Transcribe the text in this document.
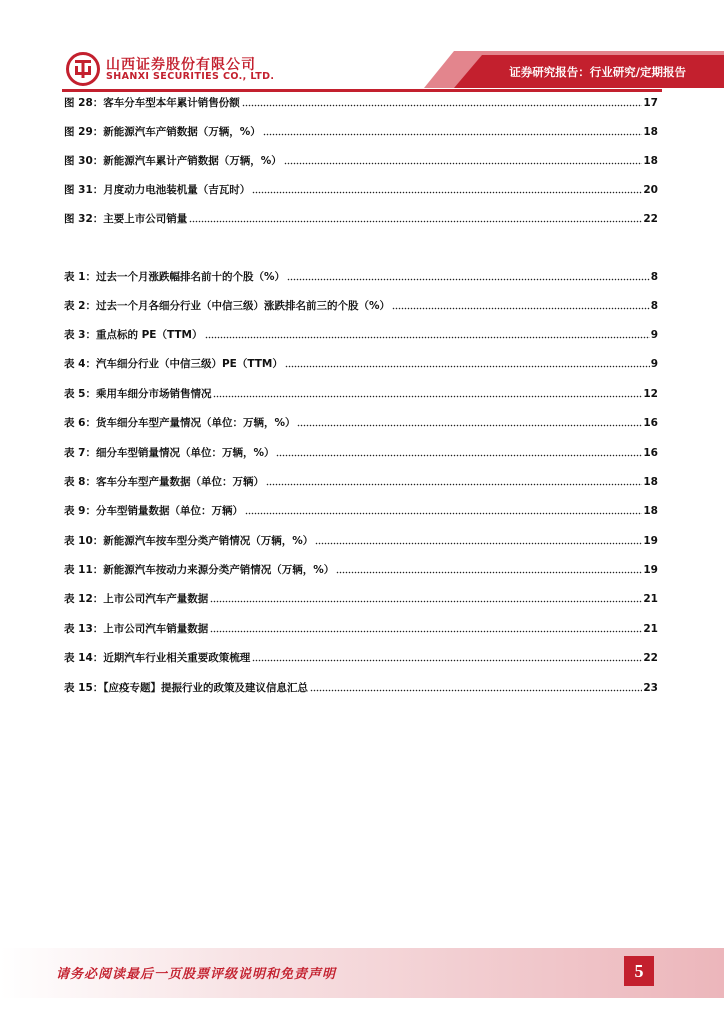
山西证券股份有限公司
SHANXI SECURITIES CO., LTD.	证券研究报告：行业研究/定期报告
图 28：客车分车型本年累计销售份额	17
图 29：新能源汽车产销数据（万辆，%）	18
图 30：新能源汽车累计产销数据（万辆，%）	18
图 31：月度动力电池装机量（吉瓦时）	20
图 32：主要上市公司销量	22
表 1：过去一个月涨跌幅排名前十的个股（%）	8
表 2：过去一个月各细分行业（中信三级）涨跌排名前三的个股（%）	8
表 3：重点标的 PE（TTM）	9
表 4：汽车细分行业（中信三级）PE（TTM）	9
表 5：乘用车细分市场销售情况	12
表 6：货车细分车型产量情况（单位：万辆，%）	16
表 7：细分车型销量情况（单位：万辆，%）	16
表 8：客车分车型产量数据（单位：万辆）	18
表 9：分车型销量数据（单位：万辆）	18
表 10：新能源汽车按车型分类产销情况（万辆，%）	19
表 11：新能源汽车按动力来源分类产销情况（万辆，%）	19
表 12：上市公司汽车产量数据	21
表 13：上市公司汽车销量数据	21
表 14：近期汽车行业相关重要政策梳理	22
表 15：【应疫专题】提振行业的政策及建议信息汇总	23
请务必阅读最后一页股票评级说明和免责声明	5
